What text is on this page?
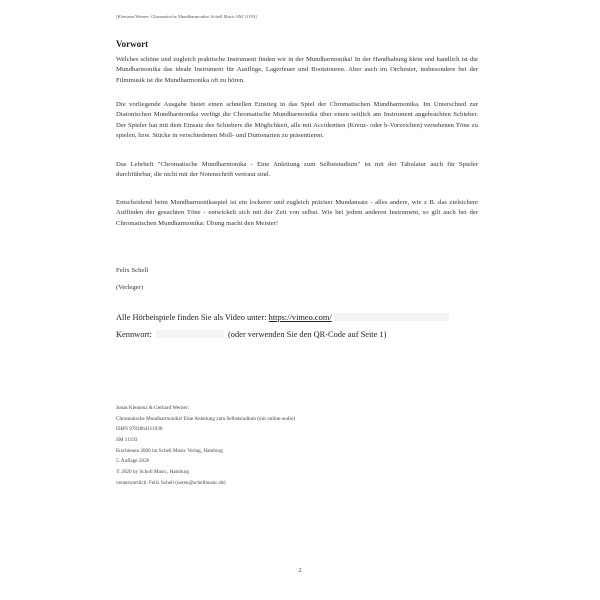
[Klemenz/Werner: Chromatische Mundharmonika/ Schell Music SM 11193]
Vorwort
Welches schöne und zugleich praktische Instrument finden wir in der Mundharmonika! In der Handhabung klein und handlich ist die Mundharmonika das ideale Instrument für Ausflüge, Lagerfeuer und Bootstouren. Aber auch im Orchester, insbesondere bei der Filmmusik ist die Mundharmonika oft zu hören.
Die vorliegende Ausgabe bietet einen schnellen Einstieg in das Spiel der Chromatischen Mundharmonika. Im Unterschied zur Diatonischen Mundharmonika verfügt die Chromatische Mundharmonika über einen seitlich am Instrument angebrachten Schieber. Der Spieler hat mit dem Einsatz des Schiebers die Möglichkeit, alle mit Accidentien (Kreuz- oder b-Vorzeichen) versehenen Töne zu spielen, bzw. Stücke in verschiedenen Moll- und Durtonarten zu präsentieren.
Das Lehrheft "Chromatische Mundharmonika - Eine Anleitung zum Selbststudium" ist mit der Tabulatur auch für Spieler durchführbar, die nicht mit der Notenschrift vertraut sind.
Entscheidend beim Mundharmonikaspiel ist ein lockerer und zugleich präziser Mundansatz - alles andere, wie z B. das zielsichere Auffinden der gesuchten Töne - entwickelt sich mit der Zeit von selbst. Wie bei jedem anderen Instrument, so gilt auch bei der Chromatischen Mundharmonika: Übung macht den Meister!
Felix Schell
(Verleger)
Alle Hörbeispiele finden Sie als Video unter: https://vimeo.com/
Kennwort:	(oder verwenden Sie den QR-Code auf Seite 1)
Jonas Klemenz & Gerhard Werner:
Chromatische Mundharmonika! Eine Anleitung zum Selbststudium (mit online-audio)
ISBN 9783864111938
SM 11193
Erschienen 2006 im Schell Music Verlag, Hamburg
5. Auflage 2026
© 2026 by Scholl Music, Hamburg
verantwortlich: Felix Schell (noten@schellmusic.de)
2
